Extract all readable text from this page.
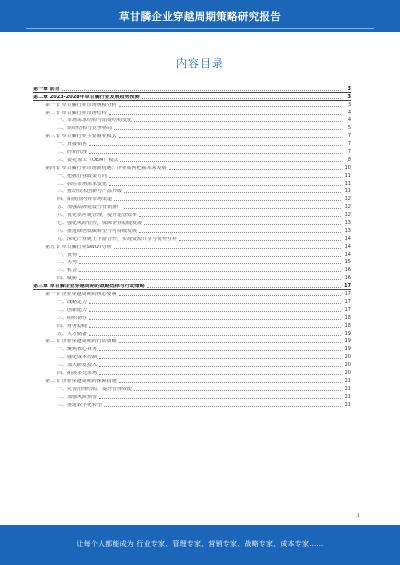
草甘膦企业穿越周期策略研究报告
内容目录
第一章 前言	3
第二章 2023-2028年草甘膦行业发展趋势预测	3
第一节 草甘膦行业市场规模分析	3
第二节 草甘膦行业市场结构	4
一、市场需求结构与消费结构变化	4
二、供给结构与竞争格局	5
第三节 草甘膦行业主要商业模式	7
一、直接销售	7
二、经销代理	7
三、委托加工（OEM）模式	8
第四节 草甘膦行业市场新机遇：企业如何把握未来发展	10
一、把握行业政策方向	11
二、抓住市场需求变化	11
三、推动技术创新与产品升级	11
四、拓展国内外市场渠道	12
五、加强品牌建设与营销推广	12
六、优化供应链管理，提升运营效率	12
七、强化风险管控，保障企业稳健发展	13
八、推进绿色低碳转型与可持续发展	13
九、深化产业链上下游合作，实现资源共享与优势互补	14
第五节 草甘膦行业SWOT分析	14
一、优势	14
二、劣势	15
三、机会	16
四、威胁	16
第三章 草甘膦企业穿越周期的战略选择与行动策略	17
第一节 企业穿越周期的核心要素	17
一、战略定力	17
二、创新能力	17
三、组织韧性	18
四、财务稳健	18
五、人才储备	19
第二节 企业穿越周期的行动策略	19
一、聚焦核心业务	19
二、强化成本控制	20
三、加大研发投入	20
四、拓展多元市场	20
第三节 企业穿越周期的保障措施	21
一、完善治理结构，提升管理效能	21
二、加强风险预警	21
三、推进数字化转型	21
1
让每个人都能成为 行业专家、管理专家、营销专家、战略专家、成本专家……
